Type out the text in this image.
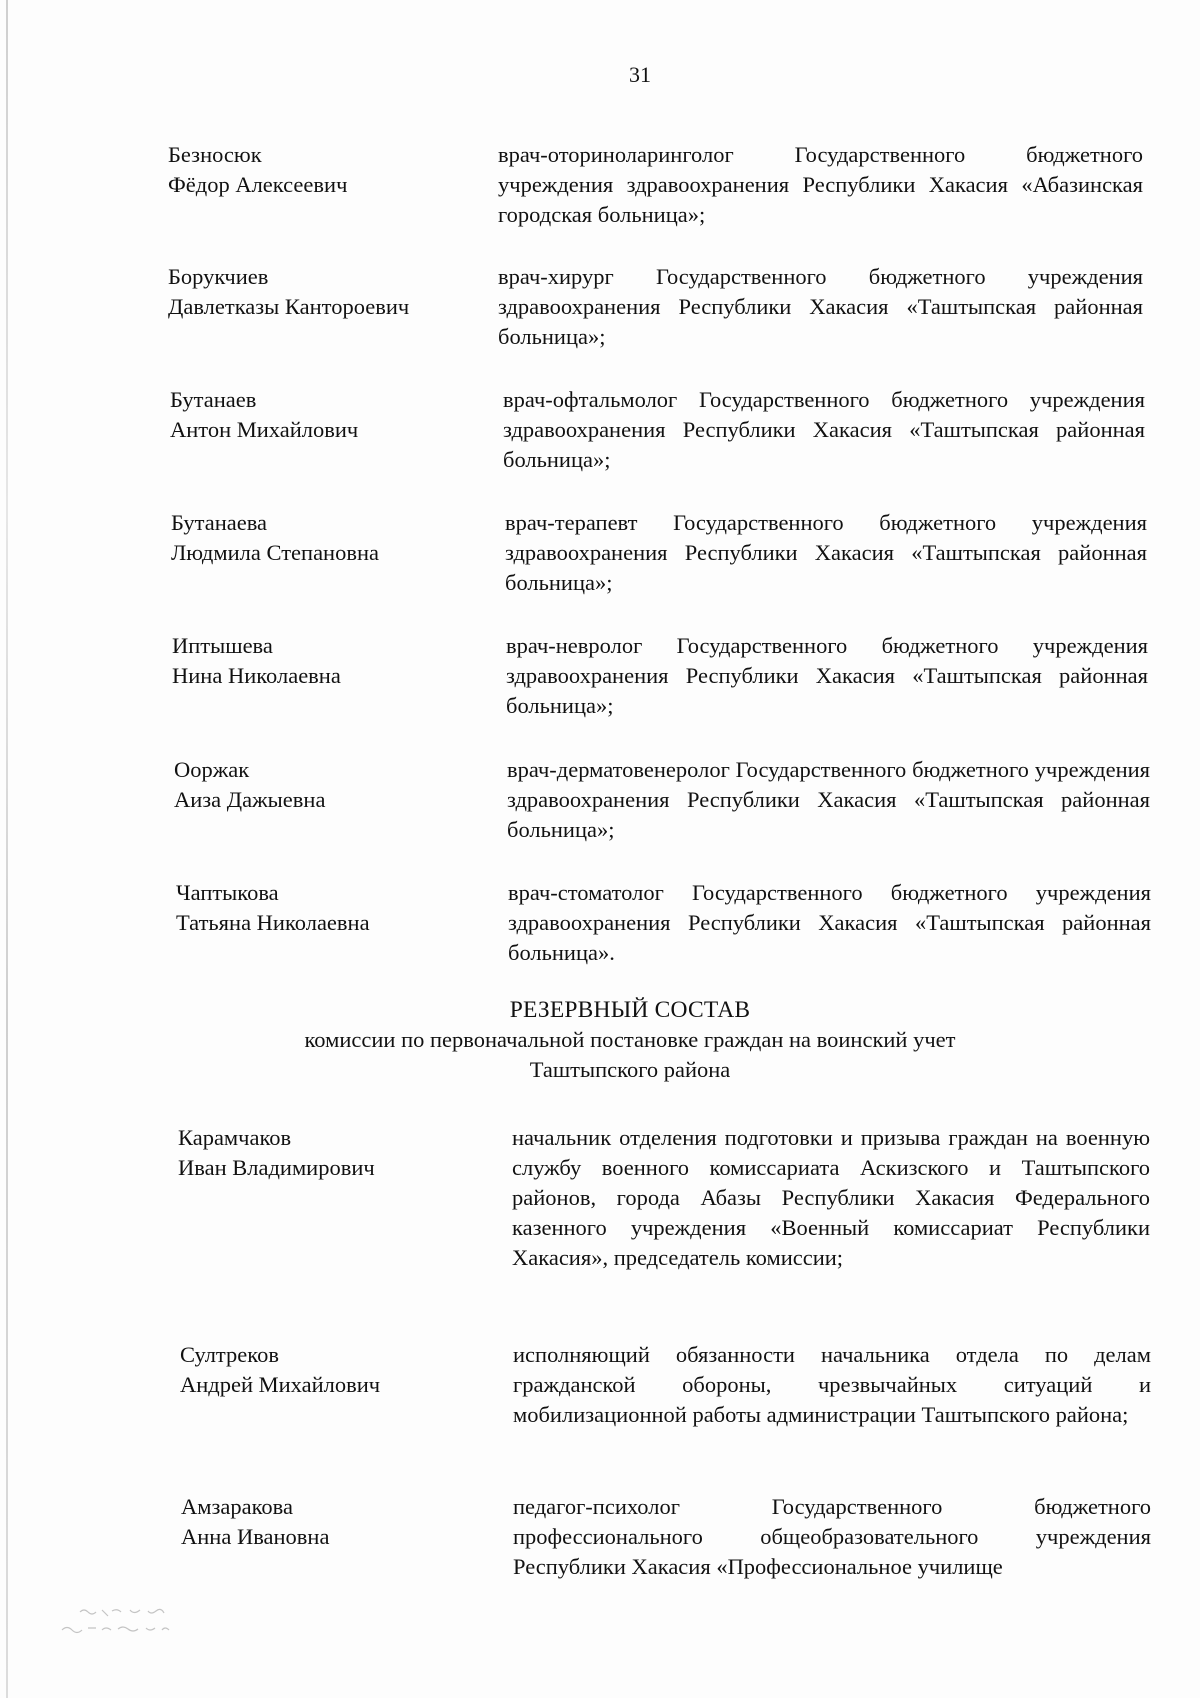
31
Безносюк
Фёдор Алексеевич
врач-оториноларинголог Государственного бюджетного учреждения здравоохранения Республики Хакасия «Абазинская городская больница»;
Борукчиев
Давлетказы Кантороевич
врач-хирург Государственного бюджетного учреждения здравоохранения Республики Хакасия «Таштыпская районная больница»;
Бутанаев
Антон Михайлович
врач-офтальмолог Государственного бюджетного учреждения здравоохранения Республики Хакасия «Таштыпская районная больница»;
Бутанаева
Людмила Степановна
врач-терапевт Государственного бюджетного учреждения здравоохранения Республики Хакасия «Таштыпская районная больница»;
Иптышева
Нина Николаевна
врач-невролог Государственного бюджетного учреждения здравоохранения Республики Хакасия «Таштыпская районная больница»;
Ооржак
Аиза Дажыевна
врач-дерматовенеролог Государственного бюджетного учреждения здравоохранения Республики Хакасия «Таштыпская районная больница»;
Чаптыкова
Татьяна Николаевна
врач-стоматолог Государственного бюджетного учреждения здравоохранения Республики Хакасия «Таштыпская районная больница».
РЕЗЕРВНЫЙ СОСТАВ
комиссии по первоначальной постановке граждан на воинский учет
Таштыпского района
Карамчаков
Иван Владимирович
начальник отделения подготовки и призыва граждан на военную службу военного комиссариата Аскизского и Таштыпского районов, города Абазы Республики Хакасия Федерального казенного учреждения «Военный комиссариат Республики Хакасия», председатель комиссии;
Султреков
Андрей Михайлович
исполняющий обязанности начальника отдела по делам гражданской обороны, чрезвычайных ситуаций и мобилизационной работы администрации Таштыпского района;
Амзаракова
Анна Ивановна
педагог-психолог Государственного бюджетного профессионального общеобразовательного учреждения Республики Хакасия «Профессиональное училище
